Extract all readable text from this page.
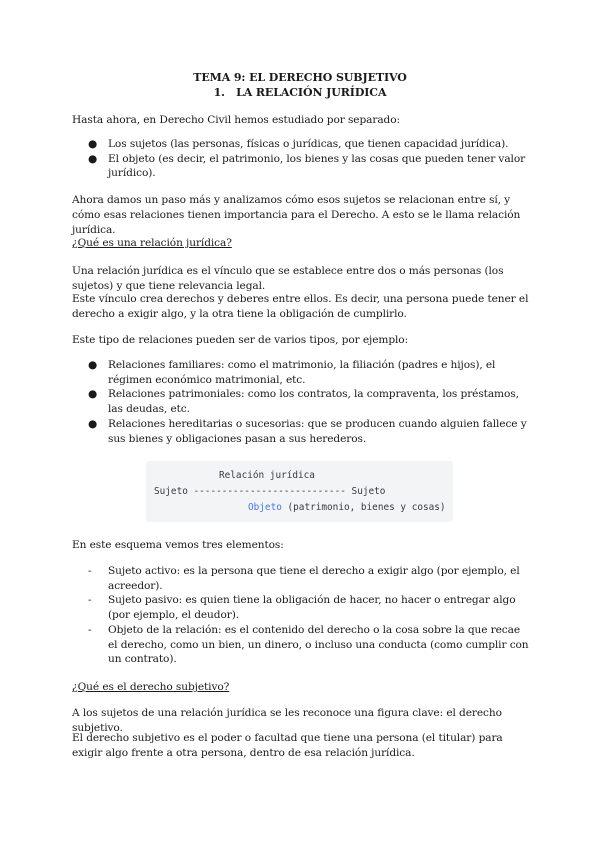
TEMA 9: EL DERECHO SUBJETIVO

1. LA RELACIÓN JURÍDICA

Hasta ahora, en Derecho Civil hemos estudiado por separado:

● Los sujetos (las personas, físicas o jurídicas, que tienen capacidad jurídica).
● El objeto (es decir, el patrimonio, los bienes y las cosas que pueden tener valor jurídico).

Ahora damos un paso más y analizamos cómo esos sujetos se relacionan entre sí, y cómo esas relaciones tienen importancia para el Derecho. A esto se le llama relación jurídica.

¿Qué es una relación jurídica?

Una relación jurídica es el vínculo que se establece entre dos o más personas (los sujetos) y que tiene relevancia legal.

Este vínculo crea derechos y deberes entre ellos. Es decir, una persona puede tener el derecho a exigir algo, y la otra tiene la obligación de cumplirlo.

Este tipo de relaciones pueden ser de varios tipos, por ejemplo:

● Relaciones familiares: como el matrimonio, la filiación (padres e hijos), el régimen económico matrimonial, etc.
● Relaciones patrimoniales: como los contratos, la compraventa, los préstamos, las deudas, etc.
● Relaciones hereditarias o sucesorias: que se producen cuando alguien fallece y sus bienes y obligaciones pasan a sus herederos.

Relación jurídica

Sujeto --------------------------- Sujeto

Objeto (patrimonio, bienes y cosas)

En este esquema vemos tres elementos:

- Sujeto activo: es la persona que tiene el derecho a exigir algo (por ejemplo, el acreedor).
- Sujeto pasivo: es quien tiene la obligación de hacer, no hacer o entregar algo (por ejemplo, el deudor).
- Objeto de la relación: es el contenido del derecho o la cosa sobre la que recae el derecho, como un bien, un dinero, o incluso una conducta (como cumplir con un contrato).

¿Qué es el derecho subjetivo?

A los sujetos de una relación jurídica se les reconoce una figura clave: el derecho subjetivo.

El derecho subjetivo es el poder o facultad que tiene una persona (el titular) para exigir algo frente a otra persona, dentro de esa relación jurídica.
